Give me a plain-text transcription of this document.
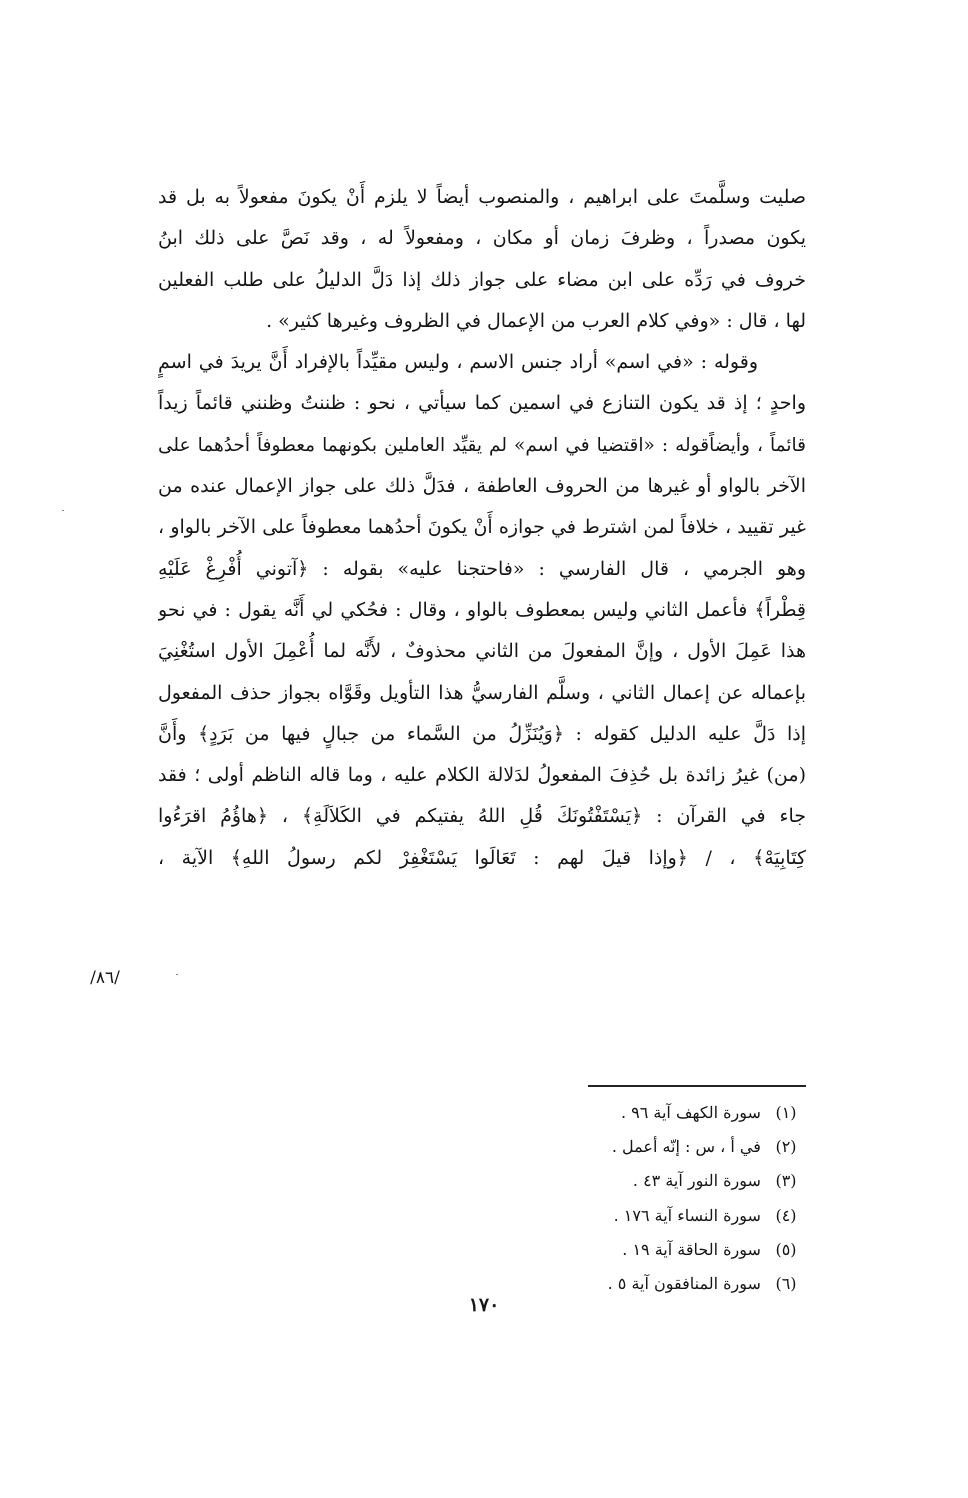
صليت وسلَّمتَ على ابراهيم ، والمنصوب أيضاً لا يلزم أَنْ يكونَ مفعولاً به بل قد
يكون مصدراً ، وظرفَ زمان أو مكان ، ومفعولاً له ، وقد نَصَّ على ذلك ابنُ
خروف في رَدِّه على ابن مضاء على جواز ذلك إذا دَلَّ الدليلُ على طلب الفعلين
لها ، قال : «وفي كلام العرب من الإعمال في الظروف وغيرها كثير» .
وقوله : «في اسم» أراد جنس الاسم ، وليس مقيِّداً بالإفراد أَنَّ يريدَ في اسمٍ
واحدٍ ؛ إذ قد يكون التنازع في اسمين كما سيأتي ، نحو : ظننتُ وظنني قائماً زيداً
قائماً ، وأيضاًقوله : «اقتضيا في اسم» لم يقيِّد العاملين بكونهما معطوفاً أحدُهما على
الآخر بالواو أو غيرها من الحروف العاطفة ، فدَلَّ ذلك على جواز الإعمال عنده من
غير تقييد ، خلافاً لمن اشترط في جوازه أَنْ يكونَ أحدُهما معطوفاً على الآخر بالواو ،
وهو الجرمي ، قال الفارسي : «فاحتجنا عليه» بقوله : ﴿آتوني أُفْرِغْ عَلَيْهِ
قِطْراً﴾ فأعمل الثاني وليس بمعطوف بالواو ، وقال : فحُكي لي أَنَّه يقول : في نحو
هذا عَمِلَ الأول ، وإنَّ المفعولَ من الثاني محذوفٌ ، لأَنَّه لما أُعْمِلَ الأول استُغْنِيَ
بإعماله عن إعمال الثاني ، وسلَّم الفارسيُّ هذا التأويل وقَوَّاه بجواز حذف المفعول
إذا دَلَّ عليه الدليل كقوله : ﴿وَيُنَزِّلُ من السَّماء من جبالٍ فيها من بَرَدٍ﴾ وأَنَّ
(من) غيرُ زائدة بل حُذِفَ المفعولُ لدَلالة الكلام عليه ، وما قاله الناظم أولى ؛ فقد
جاء في القرآن : ﴿يَسْتَفْتُونَكَ قُلِ اللهُ يفتيكم في الكَلاَلَةِ﴾ ، ﴿هاؤُمُ اقرَءُوا
كِتَابِيَهْ﴾ ، / ﴿وإذا قيلَ لهم : تَعَالَوا يَسْتَغْفِرْ لكم رسولُ اللهِ﴾ الآية ،
/٨٦/
(١) سورة الكهف آية ٩٦ .
(٢) في أ ، س : إنّه أعمل .
(٣) سورة النور آية ٤٣ .
(٤) سورة النساء آية ١٧٦ .
(٥) سورة الحاقة آية ١٩ .
(٦) سورة المنافقون آية ٥ .
١٧٠
